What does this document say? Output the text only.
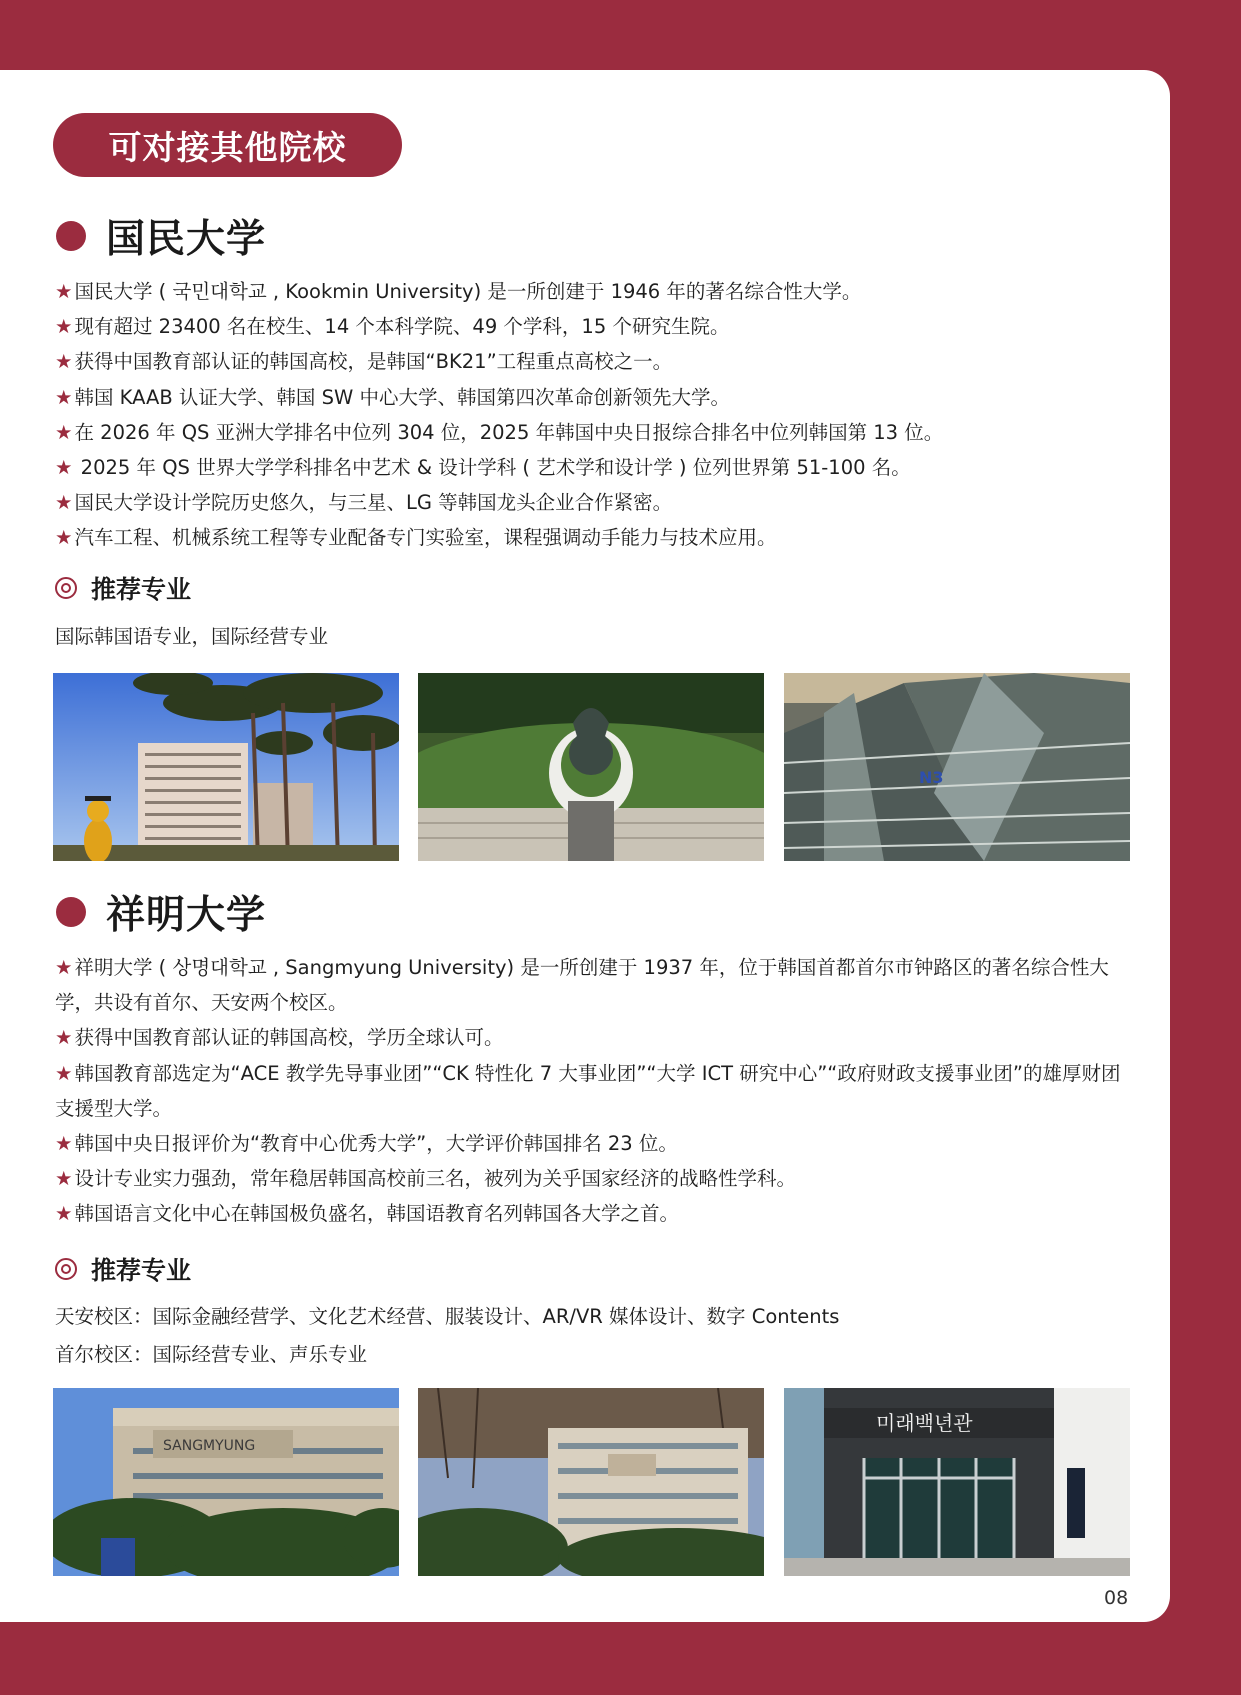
可对接其他院校
国民大学

★ 国民大学 ( 국민대학교 , Kookmin University) 是一所创建于 1946 年的著名综合性大学。

★ 现有超过 23400 名在校生、14 个本科学院、49 个学科，15 个研究生院。

★ 获得中国教育部认证的韩国高校，是韩国“BK21”工程重点高校之一。

★ 韩国 KAAB 认证大学、韩国 SW 中心大学、韩国第四次革命创新领先大学。

★ 在 2026 年 QS 亚洲大学排名中位列 304 位，2025 年韩国中央日报综合排名中位列韩国第 13 位。

★ 2025 年 QS 世界大学学科排名中艺术 & 设计学科 ( 艺术学和设计学 ) 位列世界第 51-100 名。

★ 国民大学设计学院历史悠久，与三星、LG 等韩国龙头企业合作紧密。

★ 汽车工程、机械系统工程等专业配备专门实验室，课程强调动手能力与技术应用。

推荐专业

国际韩国语专业，国际经营专业

N3
祥明大学

★ 祥明大学 ( 상명대학교 , Sangmyung University) 是一所创建于 1937 年，位于韩国首都首尔市钟路区的著名综合性大学，共设有首尔、天安两个校区。

★ 获得中国教育部认证的韩国高校，学历全球认可。

★ 韩国教育部选定为“ACE 教学先导事业团”“CK 特性化 7 大事业团”“大学 ICT 研究中心”“政府财政支援事业团”的雄厚财团支援型大学。

★ 韩国中央日报评价为“教育中心优秀大学”，大学评价韩国排名 23 位。

★ 设计专业实力强劲，常年稳居韩国高校前三名，被列为关乎国家经济的战略性学科。

★ 韩国语言文化中心在韩国极负盛名，韩国语教育名列韩国各大学之首。

推荐专业

天安校区：国际金融经营学、文化艺术经营、服装设计、AR/VR 媒体设计、数字 Contents

首尔校区：国际经营专业、声乐专业

SANGMYUNG
미래백년관
08
